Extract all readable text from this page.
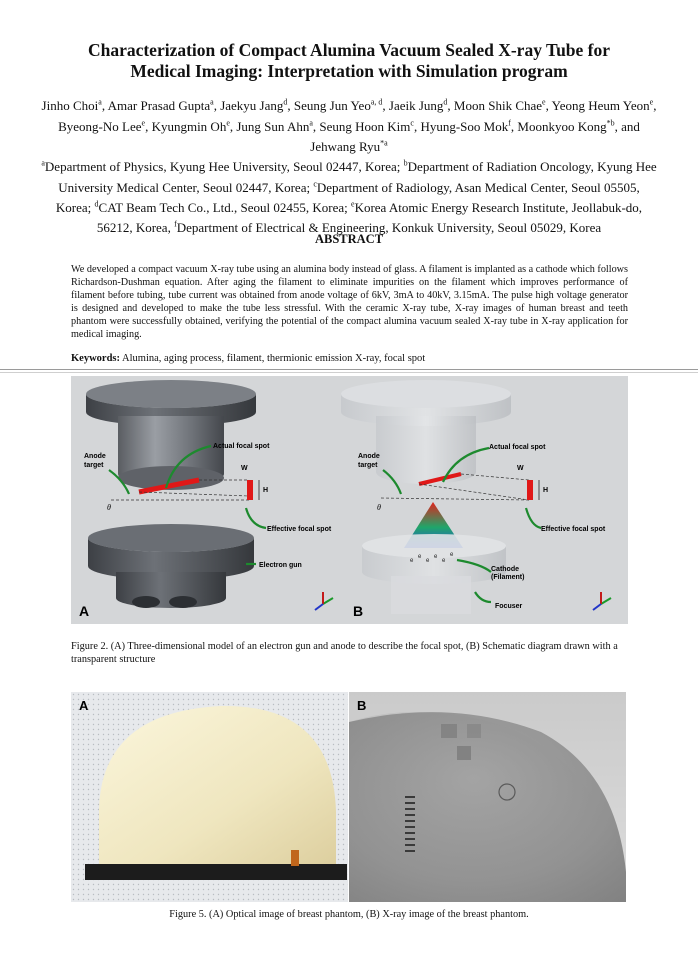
Characterization of Compact Alumina Vacuum Sealed X-ray Tube for
Medical Imaging: Interpretation with Simulation program
Jinho Choi$^a$, Amar Prasad Gupta$^a$, Jaekyu Jang$^d$, Seung Jun Yeo$^{a, d}$, Jaeik Jung$^d$, Moon Shik Chae$^e$, Yeong Heum Yeon$^e$, Byeong-No Lee$^e$, Kyungmin Oh$^e$, Jung Sun Ahn$^a$, Seung Hoon Kim$^c$, Hyung-Soo Mok$^f$, Moonkyoo Kong$^{*b}$, and Jehwang Ryu$^{*a}$
$^a$Department of Physics, Kyung Hee University, Seoul 02447, Korea; $^b$Department of Radiation Oncology, Kyung Hee University Medical Center, Seoul 02447, Korea; $^c$Department of Radiology, Asan Medical Center, Seoul 05505, Korea; $^d$CAT Beam Tech Co., Ltd., Seoul 02455, Korea; $^e$Korea Atomic Energy Research Institute, Jeollabuk-do, 56212, Korea, $^f$Department of Electrical & Engineering, Konkuk University, Seoul 05029, Korea
ABSTRACT
We developed a compact vacuum X-ray tube using an alumina body instead of glass. A filament is implanted as a cathode which follows Richardson-Dushman equation. After aging the filament to eliminate impurities on the filament which improves performance of filament before tubing, tube current was obtained from anode voltage of 6kV, 3mA to 40kV, 3.15mA. The pulse high voltage generator is designed and developed to make the tube less stressful. With the ceramic X-ray tube, X-ray images of human breast and teeth phantom were successfully obtained, verifying the potential of the compact alumina vacuum sealed X-ray tube in X-ray application for medical imaging.
Keywords: Alumina, aging process, filament, thermionic emission X-ray, focal spot
Anode
target
Actual focal spot
Effective focal spot
Electron gun
W
H
θ
A
e
e
e
e
e
e
Anode
target
Actual focal spot
Effective focal spot
Cathode
(Filament)
Focuser
W
H
θ
B
Figure 2. (A) Three-dimensional model of an electron gun and anode to describe the focal spot, (B) Schematic diagram drawn with a transparent structure
A	B
Figure 5. (A) Optical image of breast phantom, (B) X-ray image of the breast phantom.
